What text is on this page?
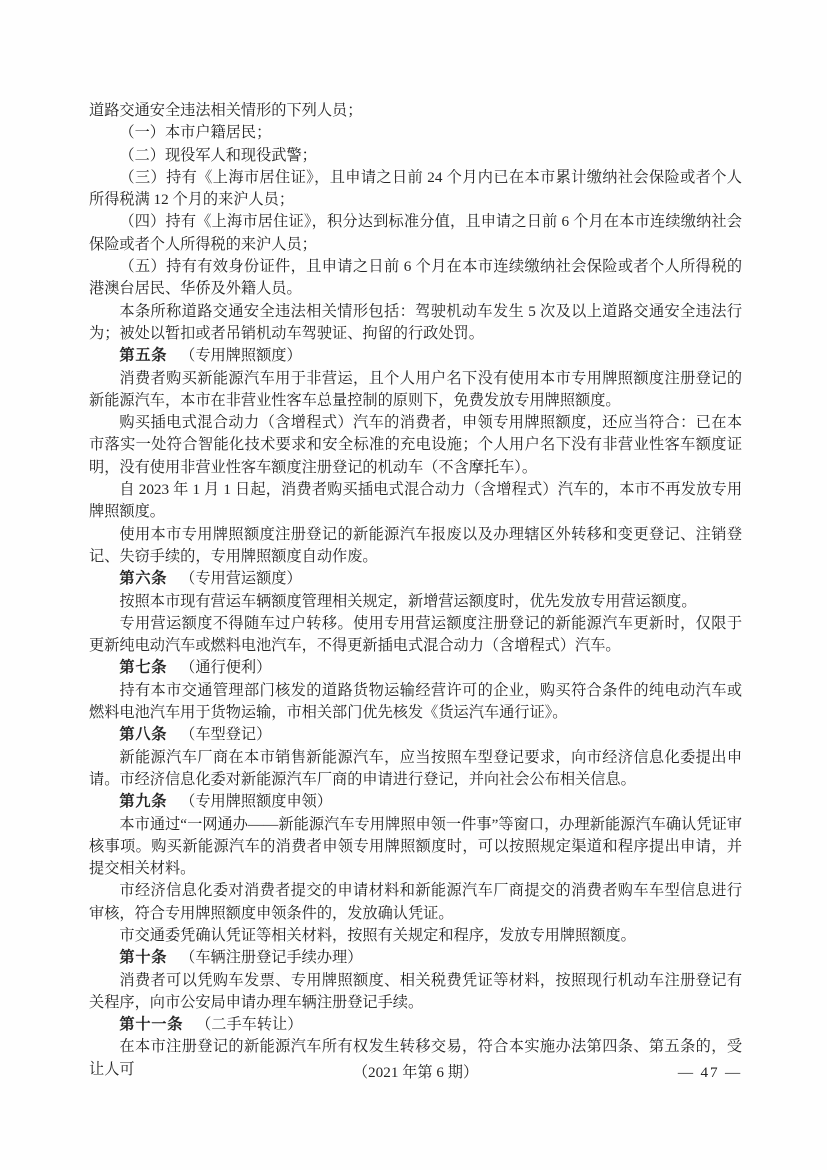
道路交通安全违法相关情形的下列人员；

（一）本市户籍居民；

（二）现役军人和现役武警；

（三）持有《上海市居住证》，且申请之日前 24 个月内已在本市累计缴纳社会保险或者个人所得税满 12 个月的来沪人员；

（四）持有《上海市居住证》，积分达到标准分值，且申请之日前 6 个月在本市连续缴纳社会保险或者个人所得税的来沪人员；

（五）持有有效身份证件，且申请之日前 6 个月在本市连续缴纳社会保险或者个人所得税的港澳台居民、华侨及外籍人员。

本条所称道路交通安全违法相关情形包括：驾驶机动车发生 5 次及以上道路交通安全违法行为；被处以暂扣或者吊销机动车驾驶证、拘留的行政处罚。

第五条 （专用牌照额度）

消费者购买新能源汽车用于非营运，且个人用户名下没有使用本市专用牌照额度注册登记的新能源汽车，本市在非营业性客车总量控制的原则下，免费发放专用牌照额度。

购买插电式混合动力（含增程式）汽车的消费者，申领专用牌照额度，还应当符合：已在本市落实一处符合智能化技术要求和安全标准的充电设施；个人用户名下没有非营业性客车额度证明，没有使用非营业性客车额度注册登记的机动车（不含摩托车）。

自 2023 年 1 月 1 日起，消费者购买插电式混合动力（含增程式）汽车的，本市不再发放专用牌照额度。

使用本市专用牌照额度注册登记的新能源汽车报废以及办理辖区外转移和变更登记、注销登记、失窃手续的，专用牌照额度自动作废。

第六条 （专用营运额度）

按照本市现有营运车辆额度管理相关规定，新增营运额度时，优先发放专用营运额度。

专用营运额度不得随车过户转移。使用专用营运额度注册登记的新能源汽车更新时，仅限于更新纯电动汽车或燃料电池汽车，不得更新插电式混合动力（含增程式）汽车。

第七条 （通行便利）

持有本市交通管理部门核发的道路货物运输经营许可的企业，购买符合条件的纯电动汽车或燃料电池汽车用于货物运输，市相关部门优先核发《货运汽车通行证》。

第八条 （车型登记）

新能源汽车厂商在本市销售新能源汽车，应当按照车型登记要求，向市经济信息化委提出申请。市经济信息化委对新能源汽车厂商的申请进行登记，并向社会公布相关信息。

第九条 （专用牌照额度申领）

本市通过“一网通办——新能源汽车专用牌照申领一件事”等窗口，办理新能源汽车确认凭证审核事项。购买新能源汽车的消费者申领专用牌照额度时，可以按照规定渠道和程序提出申请，并提交相关材料。

市经济信息化委对消费者提交的申请材料和新能源汽车厂商提交的消费者购车车型信息进行审核，符合专用牌照额度申领条件的，发放确认凭证。

市交通委凭确认凭证等相关材料，按照有关规定和程序，发放专用牌照额度。

第十条 （车辆注册登记手续办理）

消费者可以凭购车发票、专用牌照额度、相关税费凭证等材料，按照现行机动车注册登记有关程序，向市公安局申请办理车辆注册登记手续。

第十一条 （二手车转让）

在本市注册登记的新能源汽车所有权发生转移交易，符合本实施办法第四条、第五条的，受让人可	（2021 年第 6 期）	— 47 —
